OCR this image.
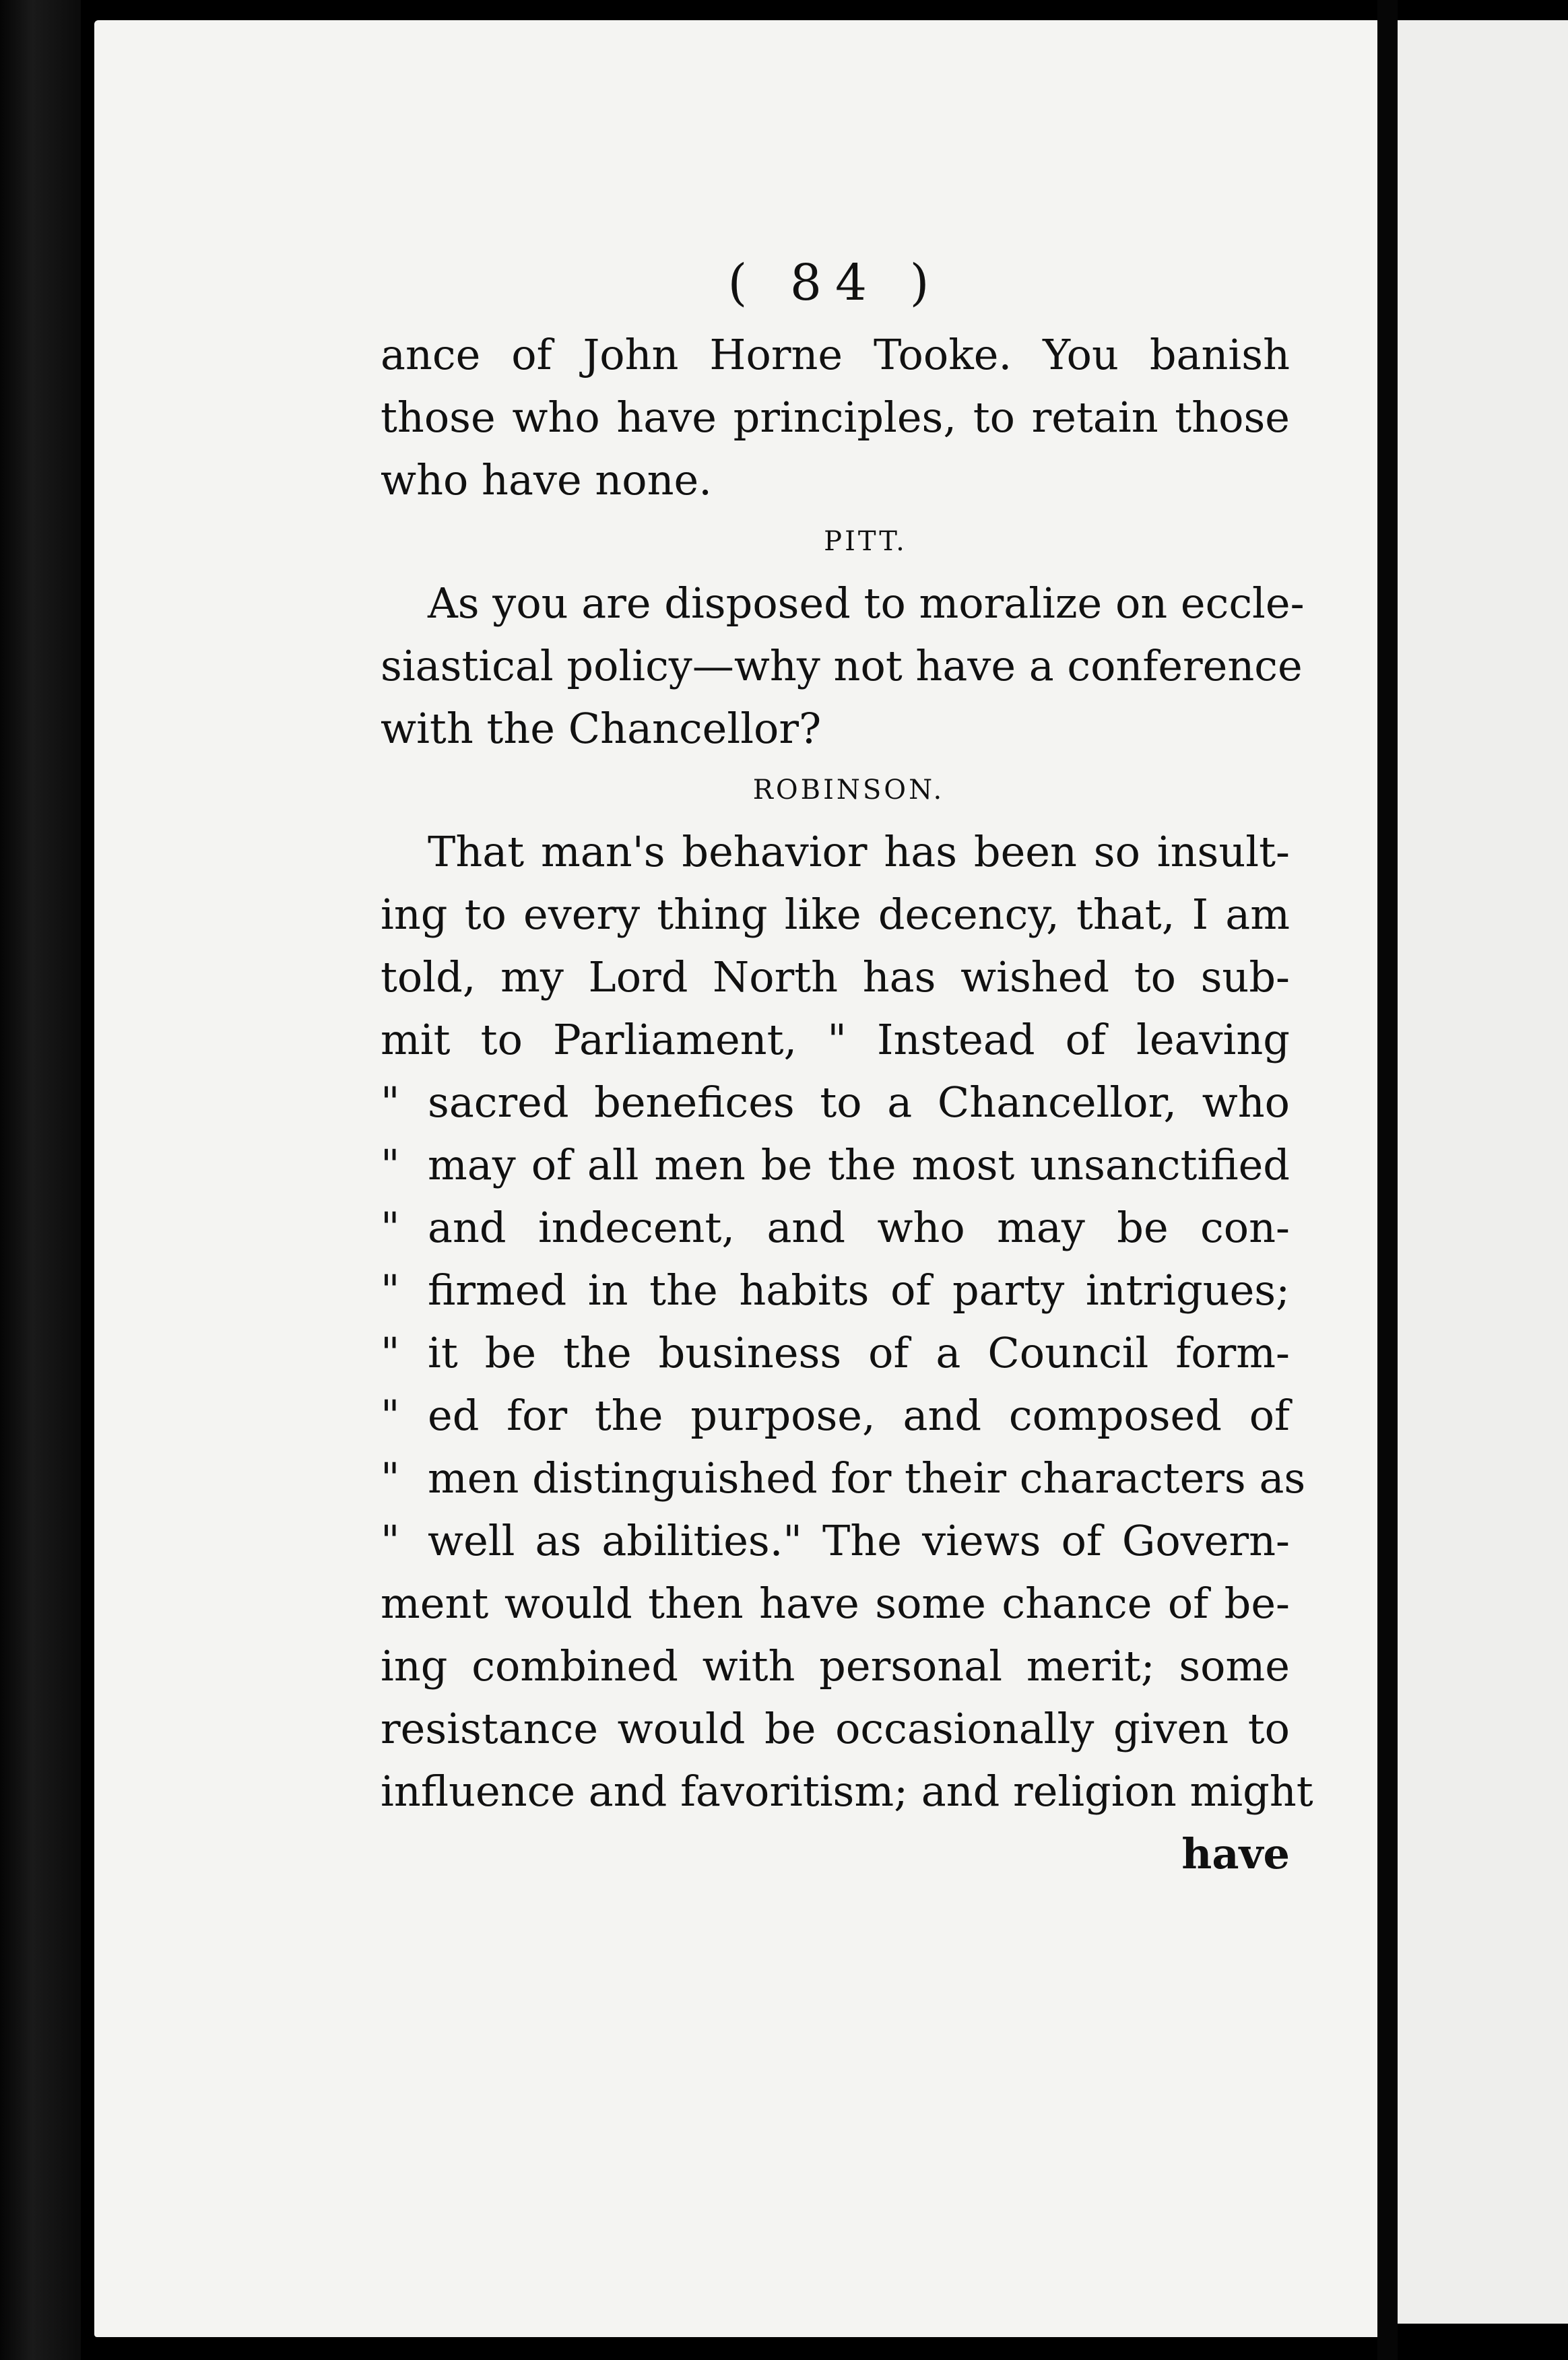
( 84 )
ance of John Horne Tooke. You banish
those who have principles, to retain those
who have none.
PITT.
As you are disposed to moralize on eccle-
siastical policy—why not have a conference
with the Chancellor?
ROBINSON.
That man's behavior has been so insult-
ing to every thing like decency, that, I am
told, my Lord North has wished to sub-
mit to Parliament, " Instead of leaving
" sacred benefices to a Chancellor, who
" may of all men be the most unsanctified
" and indecent, and who may be con-
" firmed in the habits of party intrigues;
" it be the business of a Council form-
" ed for the purpose, and composed of
" men distinguished for their characters as
" well as abilities." The views of Govern-
ment would then have some chance of be-
ing combined with personal merit; some
resistance would be occasionally given to
influence and favoritism; and religion might
have
